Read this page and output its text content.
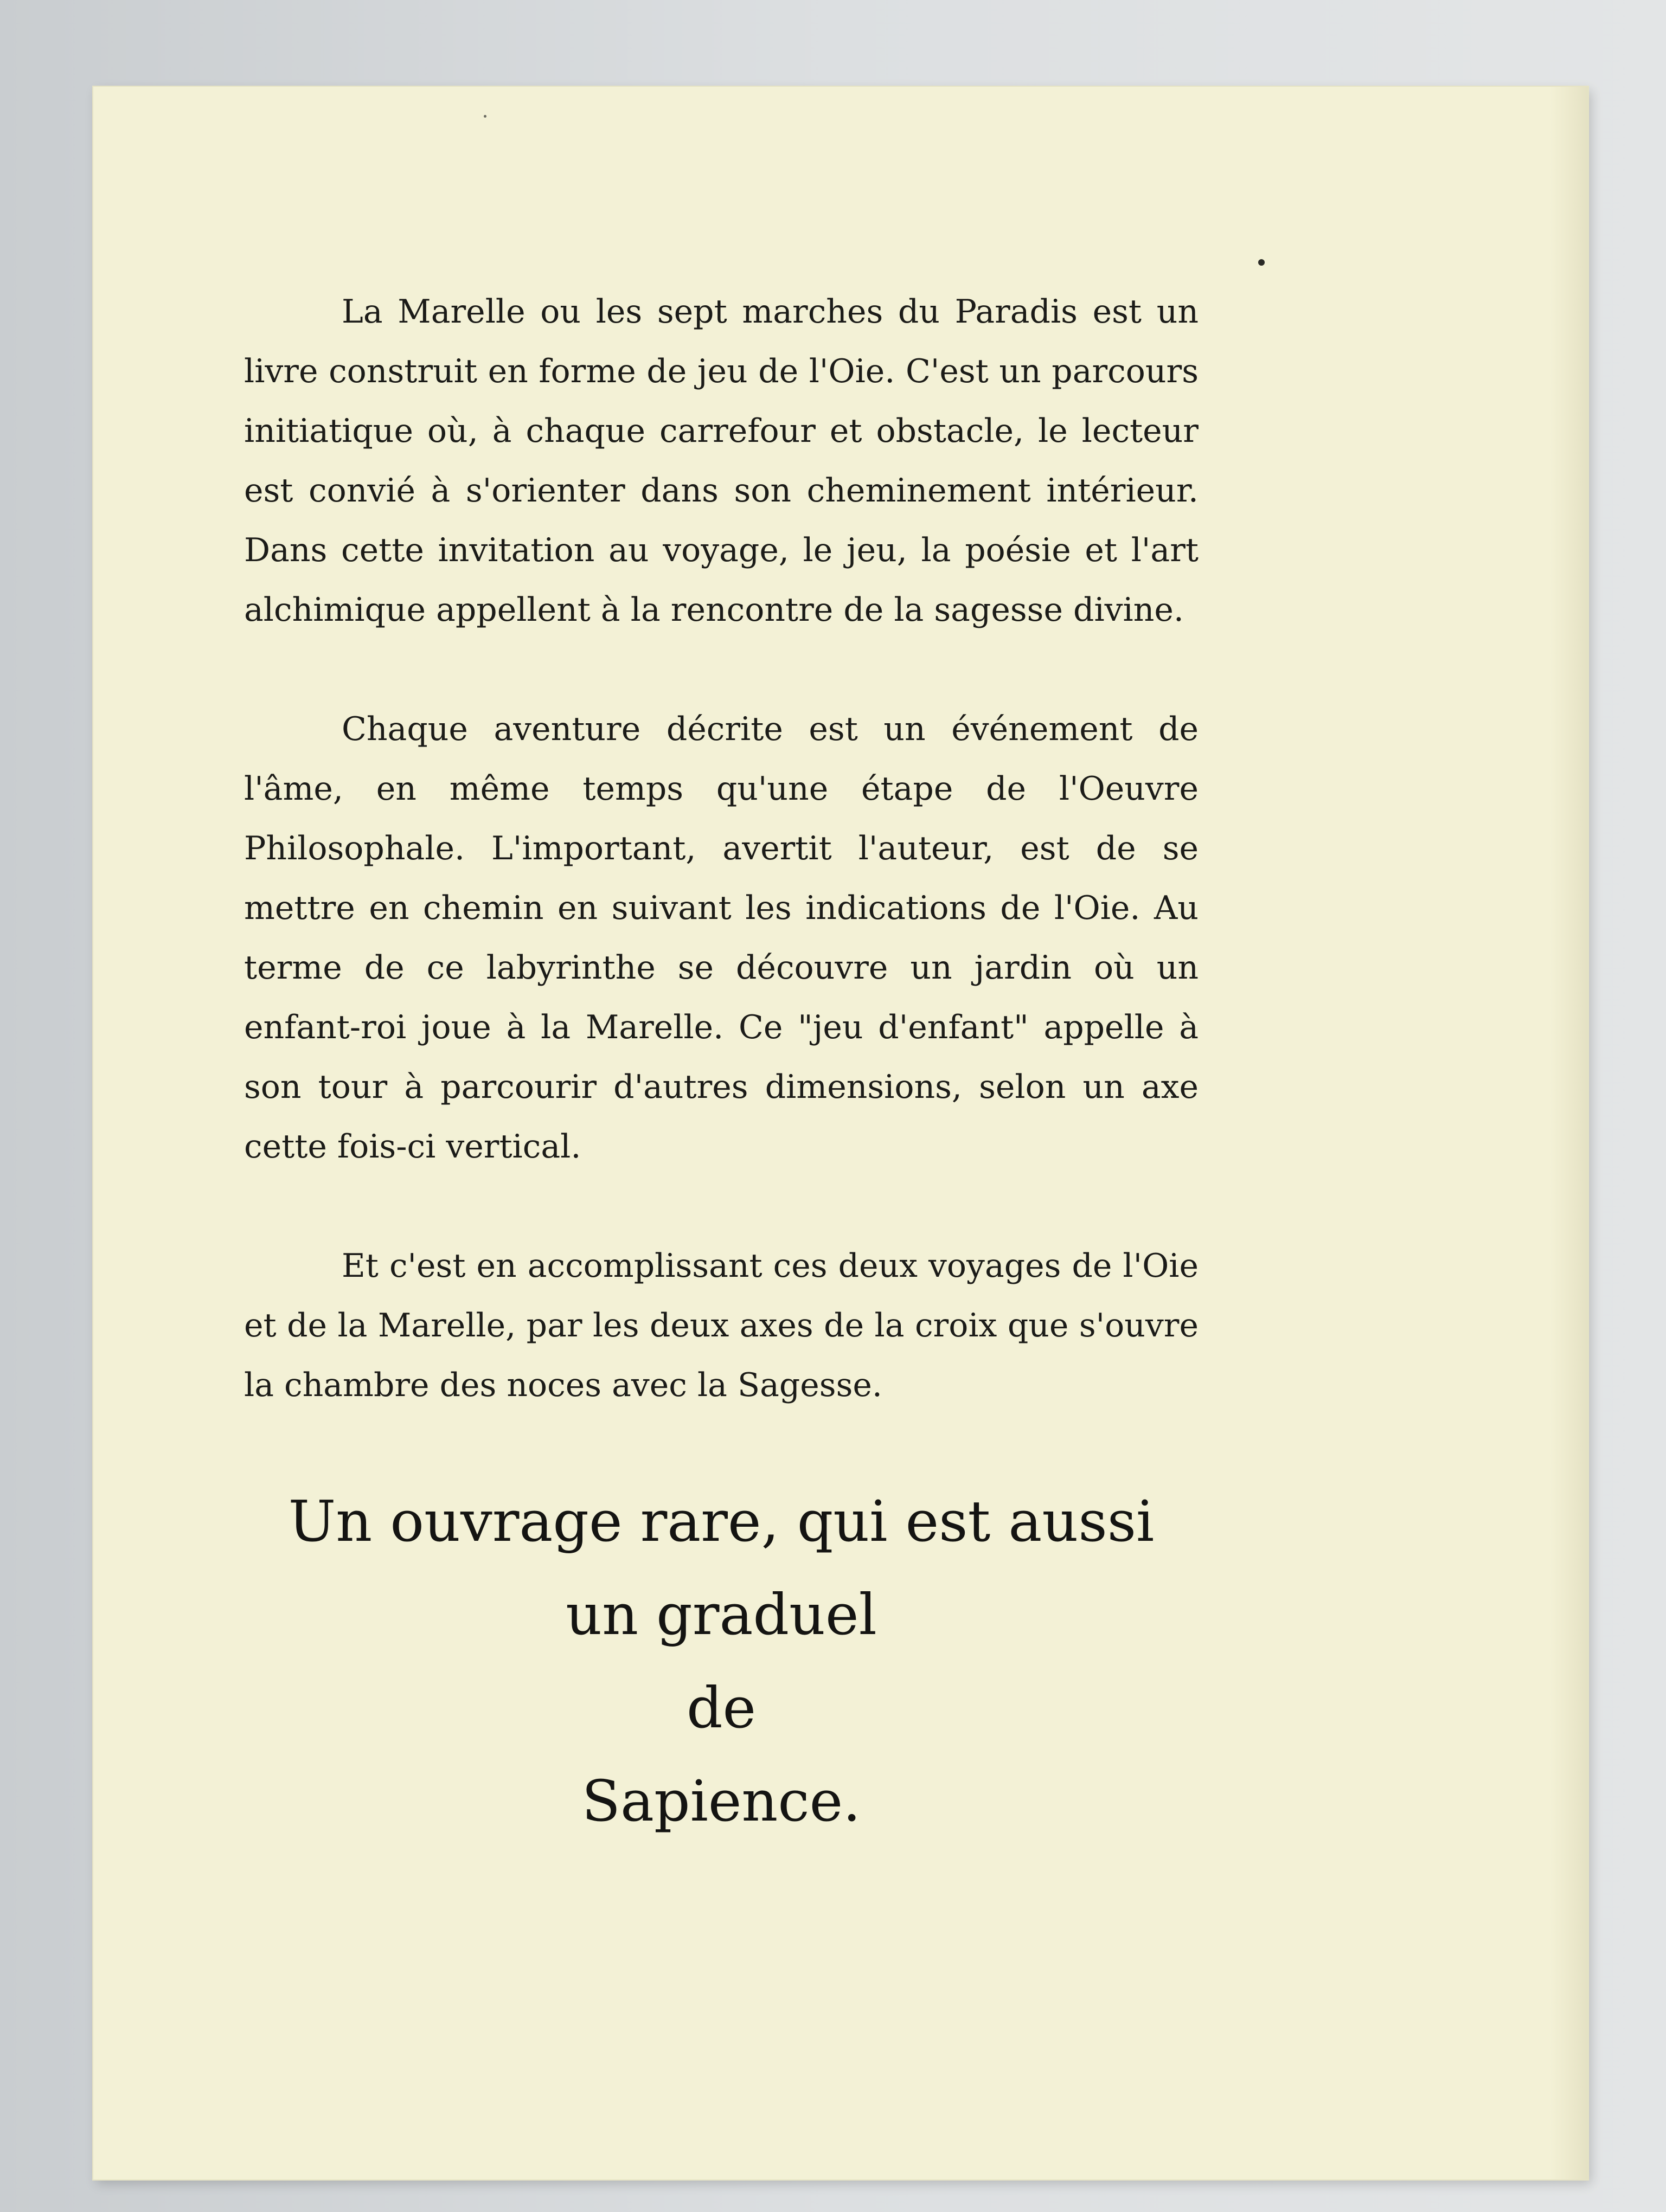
La Marelle ou les sept marches du Paradis est un livre construit en forme de jeu de l'Oie. C'est un parcours initiatique où, à chaque carrefour et obstacle, le lecteur est convié à s'orienter dans son cheminement intérieur. Dans cette invitation au voyage, le jeu, la poésie et l'art alchimique appellent à la rencontre de la sagesse divine.

Chaque aventure décrite est un événement de l'âme, en même temps qu'une étape de l'Oeuvre Philosophale. L'important, avertit l'auteur, est de se mettre en chemin en suivant les indications de l'Oie. Au terme de ce labyrinthe se découvre un jardin où un enfant-roi joue à la Marelle. Ce "jeu d'enfant" appelle à son tour à parcourir d'autres dimensions, selon un axe cette fois-ci vertical.

Et c'est en accomplissant ces deux voyages de l'Oie et de la Marelle, par les deux axes de la croix que s'ouvre la chambre des noces avec la Sagesse.

Un ouvrage rare, qui est aussi
un graduel
de
Sapience.
